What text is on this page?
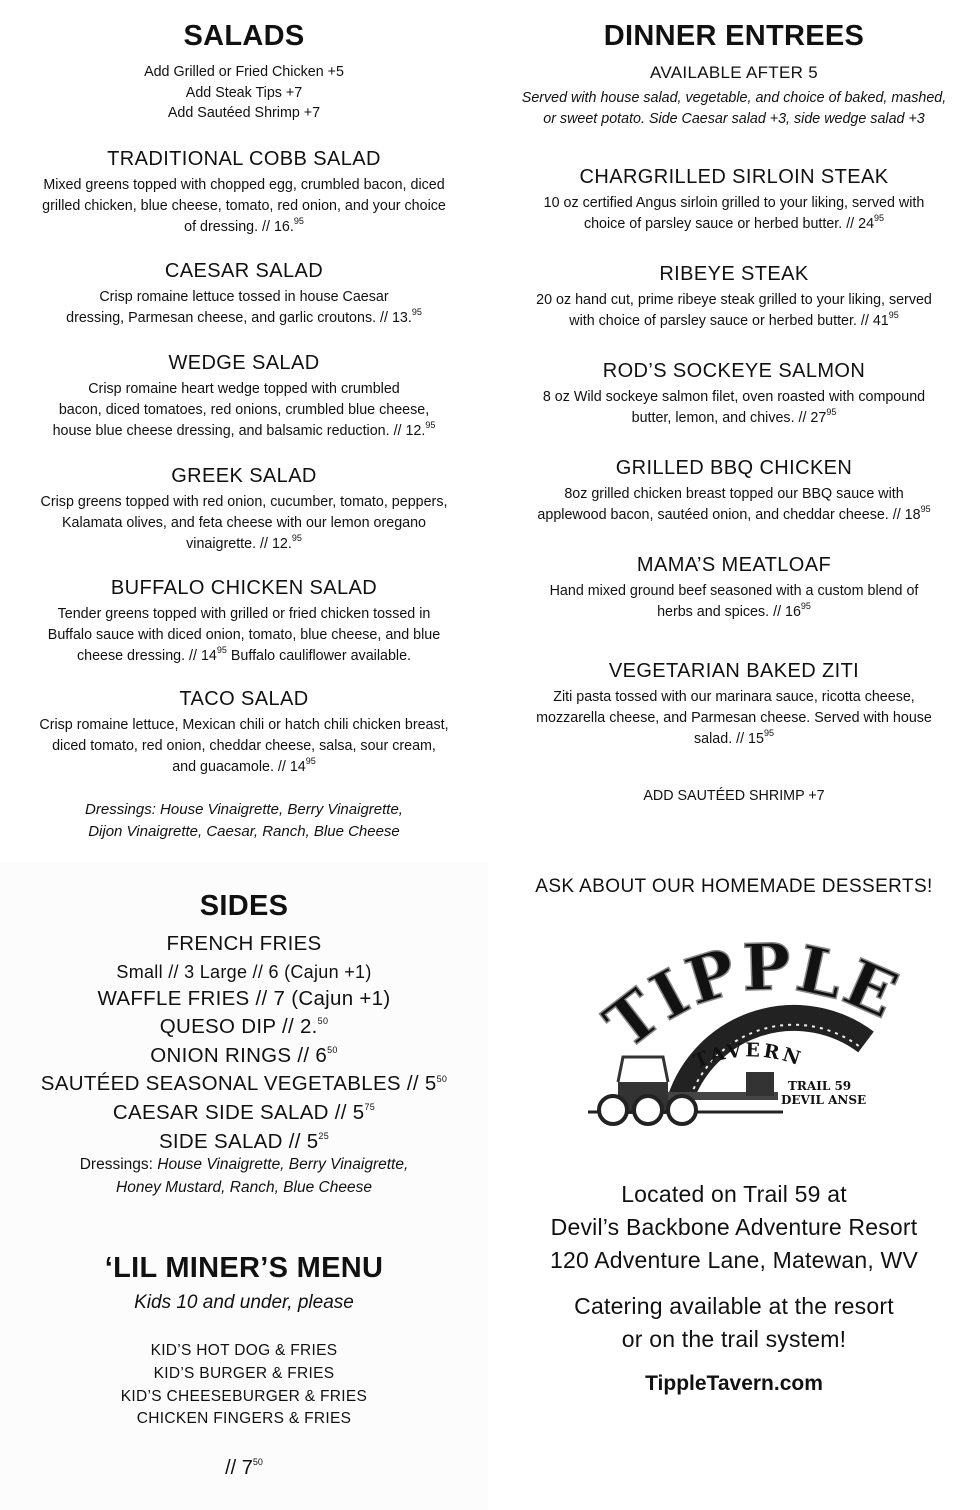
SALADS
Add Grilled or Fried Chicken +5
Add Steak Tips +7
Add Sautéed Shrimp +7
TRADITIONAL COBB SALAD
Mixed greens topped with chopped egg, crumbled bacon, diced
grilled chicken, blue cheese, tomato, red onion, and your choice
of dressing. // 16.95
CAESAR SALAD
Crisp romaine lettuce tossed in house Caesar
dressing, Parmesan cheese, and garlic croutons. // 13.95
WEDGE SALAD
Crisp romaine heart wedge topped with crumbled
bacon, diced tomatoes, red onions, crumbled blue cheese,
house blue cheese dressing, and balsamic reduction. // 12.95
GREEK SALAD
Crisp greens topped with red onion, cucumber, tomato, peppers,
Kalamata olives, and feta cheese with our lemon oregano
vinaigrette. // 12.95
BUFFALO CHICKEN SALAD
Tender greens topped with grilled or fried chicken tossed in
Buffalo sauce with diced onion, tomato, blue cheese, and blue
cheese dressing. // $14^{95}$ Buffalo cauliflower available.
TACO SALAD
Crisp romaine lettuce, Mexican chili or hatch chili chicken breast,
diced tomato, red onion, cheddar cheese, salsa, sour cream,
and guacamole. // $14^{95}$
Dressings: House Vinaigrette, Berry Vinaigrette,
Dijon Vinaigrette, Caesar, Ranch, Blue Cheese
DINNER ENTREES
AVAILABLE AFTER 5
Served with house salad, vegetable, and choice of baked, mashed,
or sweet potato. Side Caesar salad +3, side wedge salad +3
CHARGRILLED SIRLOIN STEAK
10 oz certified Angus sirloin grilled to your liking, served with
choice of parsley sauce or herbed butter. // $24^{95}$
RIBEYE STEAK
20 oz hand cut, prime ribeye steak grilled to your liking, served
with choice of parsley sauce or herbed butter. // $41^{95}$
ROD’S SOCKEYE SALMON
8 oz Wild sockeye salmon filet, oven roasted with compound
butter, lemon, and chives. // $27^{95}$
GRILLED BBQ CHICKEN
8oz grilled chicken breast topped our BBQ sauce with
applewood bacon, sautéed onion, and cheddar cheese. // $18^{95}$
MAMA’S MEATLOAF
Hand mixed ground beef seasoned with a custom blend of
herbs and spices. // $16^{95}$
VEGETARIAN BAKED ZITI
Ziti pasta tossed with our marinara sauce, ricotta cheese,
mozzarella cheese, and Parmesan cheese. Served with house
salad. // $15^{95}$
ADD SAUTÉED SHRIMP +7
SIDES
FRENCH FRIES
Small // 3 Large // 6 (Cajun +1)
WAFFLE FRIES // 7 (Cajun +1)
QUESO DIP // 2.50
ONION RINGS // $6^{50}$
SAUTÉED SEASONAL VEGETABLES // $5^{50}$
CAESAR SIDE SALAD // $5^{75}$
SIDE SALAD // $5^{25}$
Dressings: House Vinaigrette, Berry Vinaigrette,
Honey Mustard, Ranch, Blue Cheese
‘LIL MINER’S MENU
Kids 10 and under, please
KID’S HOT DOG & FRIES
KID’S BURGER & FRIES
KID’S CHEESEBURGER & FRIES
CHICKEN FINGERS & FRIES
// $7^{50}$
ASK ABOUT OUR HOMEMADE DESSERTS!
TIPPLE
TAVERN
TRAIL 59
DEVIL ANSE
Located on Trail 59 at
Devil’s Backbone Adventure Resort
120 Adventure Lane, Matewan, WV
Catering available at the resort
or on the trail system!
TippleTavern.com
